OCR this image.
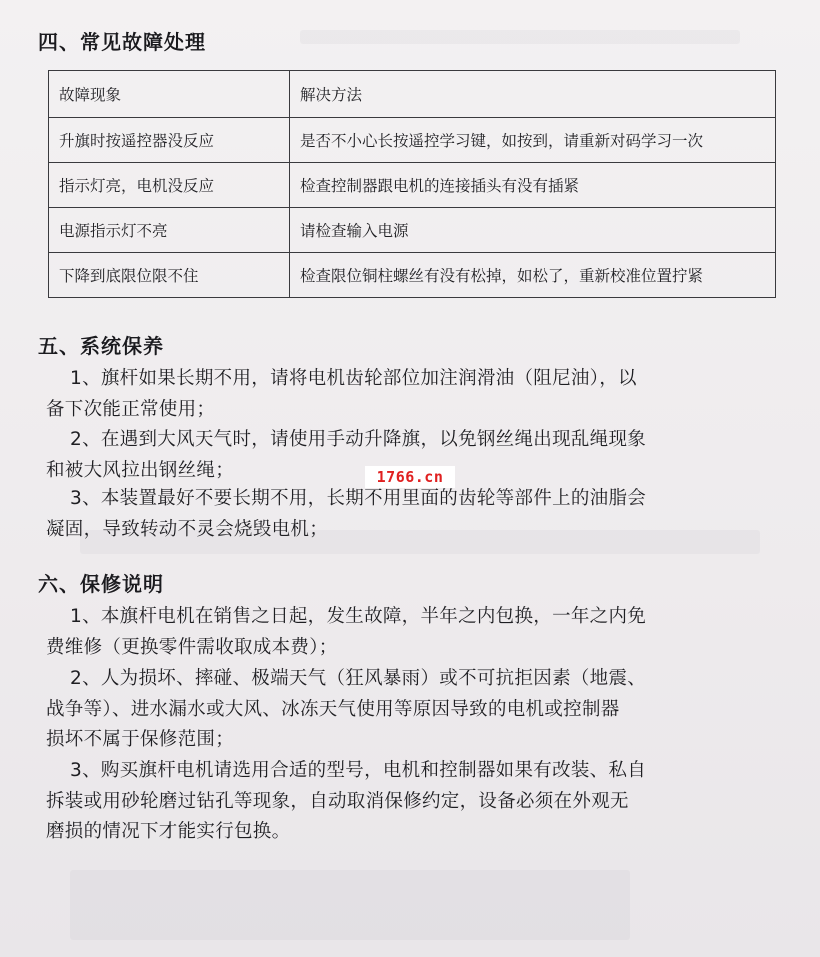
四、常见故障处理
故障现象	解决方法
升旗时按遥控器没反应	是否不小心长按遥控学习键，如按到，请重新对码学习一次
指示灯亮，电机没反应	检查控制器跟电机的连接插头有没有插紧
电源指示灯不亮	请检查输入电源
下降到底限位限不住	检查限位铜柱螺丝有没有松掉，如松了，重新校准位置拧紧
五、系统保养
1、旗杆如果长期不用，请将电机齿轮部位加注润滑油（阻尼油），以
备下次能正常使用；
2、在遇到大风天气时，请使用手动升降旗，以免钢丝绳出现乱绳现象
和被大风拉出钢丝绳；
3、本装置最好不要长期不用，长期不用里面的齿轮等部件上的油脂会
凝固，导致转动不灵会烧毁电机；
1766.cn
六、保修说明
1、本旗杆电机在销售之日起，发生故障，半年之内包换，一年之内免
费维修（更换零件需收取成本费）；
2、人为损坏、摔碰、极端天气（狂风暴雨）或不可抗拒因素（地震、
战争等）、进水漏水或大风、冰冻天气使用等原因导致的电机或控制器
损坏不属于保修范围；
3、购买旗杆电机请选用合适的型号，电机和控制器如果有改装、私自
拆装或用砂轮磨过钻孔等现象，自动取消保修约定，设备必须在外观无
磨损的情况下才能实行包换。
